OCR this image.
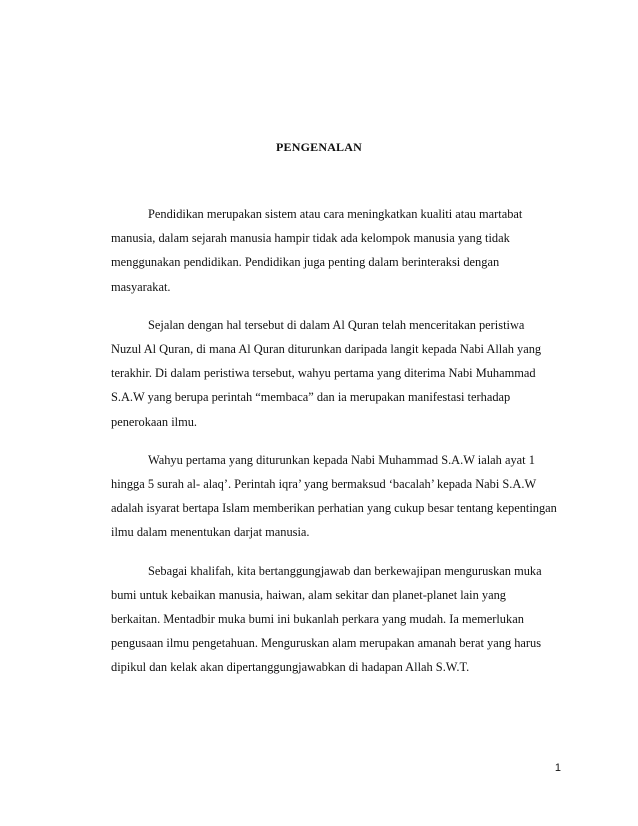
PENGENALAN

Pendidikan merupakan sistem atau cara meningkatkan kualiti atau martabat
manusia, dalam sejarah manusia hampir tidak ada kelompok manusia yang tidak
menggunakan pendidikan. Pendidikan juga penting dalam berinteraksi dengan
masyarakat.

Sejalan dengan hal tersebut di dalam Al Quran telah menceritakan peristiwa
Nuzul Al Quran, di mana Al Quran diturunkan daripada langit kepada Nabi Allah yang
terakhir. Di dalam peristiwa tersebut, wahyu pertama yang diterima Nabi Muhammad
S.A.W yang berupa perintah “membaca” dan ia merupakan manifestasi terhadap
penerokaan ilmu.

Wahyu pertama yang diturunkan kepada Nabi Muhammad S.A.W ialah ayat 1
hingga 5 surah al- alaq’. Perintah iqra’ yang bermaksud ‘bacalah’ kepada Nabi S.A.W
adalah isyarat bertapa Islam memberikan perhatian yang cukup besar tentang kepentingan
ilmu dalam menentukan darjat manusia.

Sebagai khalifah, kita bertanggungjawab dan berkewajipan menguruskan muka
bumi untuk kebaikan manusia, haiwan, alam sekitar dan planet-planet lain yang
berkaitan. Mentadbir muka bumi ini bukanlah perkara yang mudah. Ia memerlukan
pengusaan ilmu pengetahuan. Menguruskan alam merupakan amanah berat yang harus
dipikul dan kelak akan dipertanggungjawabkan di hadapan Allah S.W.T.

1
